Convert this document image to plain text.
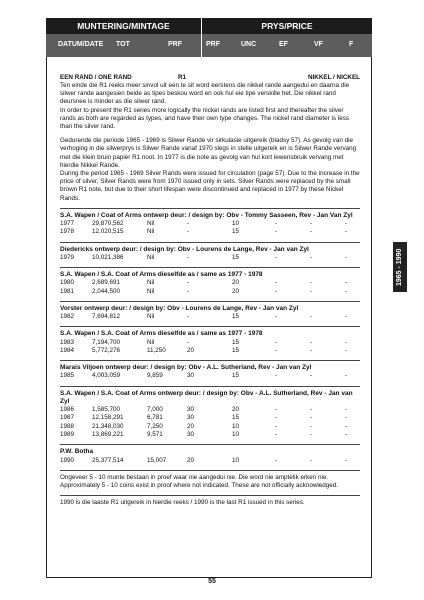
MUNTERING/MINTAGE	PRYS/PRICE
DATUM/DATE TOT	PRF	PRF	UNC	EF	VF	F
1965 - 1990
EEN RAND / ONE RAND	R1	NIKKEL / NICKEL

Ten einde die R1 reeks meer sinvol uit een te sit word eerstens die nikkel rande aangedui en daarna die silwer rande aangesien beide as tipes beskou word en ook hul eie tipe verskille het. Die nikkel rand deursnee is minder as die silwer rand.

In order to present the R1 series more logically the nickel rands are listed first and thereafter the silver rands as both are regarded as types, and have their own type changes. The nickel rand diameter is less than the silver rand.

Gedurende die periode 1965 - 1969 is Silwer Rande vir sirkulasie uitgereik (bladsy 57). As gevolg van die verhoging in die silwerprys is Silwer Rande vanaf 1970 slegs in stelle uitgereik en is Silwer Rande vervang met die klein bruin papier R1 noot. In 1977 is die note as gevolg van hul kort lewensbruik vervang met hierdie Nikkel Rande.

During the period 1965 - 1969 Silver Rands were issued for circulation (page 57). Due to the increase in the price of silver, Silver Rands were from 1970 issued only in sets. Silver Rands were replaced by the small brown R1 note, but due to their short lifespan were discontinued and replaced in 1977 by these Nickel Rands.

S.A. Wapen / Coat of Arms ontwerp deur: / design by: Obv - Tommy Sasseen, Rev - Jan Van Zyl
1977	29,870,562	Nil	-	10	-	-	-
1978	12,020,515	Nil	-	15	-	-	-
Diedericks ontwerp deur: / design by: Obv - Lourens de Lange, Rev - Jan van Zyl
1979	10,021,386	Nil	-	15	-	-	-
S.A. Wapen / S.A. Coat of Arms dieselfde as / same as 1977 - 1978
1980	2,689,691	Nil	-	20	-	-	-
1981	2,044,500	Nil	-	20	-	-	-
Vorster ontwerp deur: / design by: Obv - Lourens de Lange, Rev - Jan van Zyl
1982	7,694,812	Nil	-	15	-	-	-
S.A. Wapen / S.A. Coat of Arms dieselfde as / same as 1977 - 1978
1983	7,194,700	Nil	-	15	-	-	-
1984	5,772,276	11,250	20	15	-	-	-
Marais Viljoen ontwerp deur: / design by: Obv - A.L. Sutherland, Rev - Jan van Zyl
1985	4,003,059	9,859	30	15	-	-	-
S.A. Wapen / S.A. Coat of Arms ontwerp deur: / design by: Obv - A.L. Sutherland, Rev - Jan van Zyl
1986	1,585,700	7,000	30	20	-	-	-
1987	12,158,291	6,781	30	15	-	-	-
1988	21,348,030	7,250	20	10	-	-	-
1989	13,869,221	9,571	30	10	-	-	-
P.W. Botha
1990	25,377,514	15,007	20	10	-	-	-

Ongeveer 5 - 10 munte bestaan in proef waar nie aangedui nie. Die word nie amptelik erken nie.

Approximately 5 - 10 coins exist in proof where not indicated. These are not officially acknowledged.

1990 is die laaste R1 uitgereik in hierdie reeks / 1990 is the last R1 issued in this series.

55
